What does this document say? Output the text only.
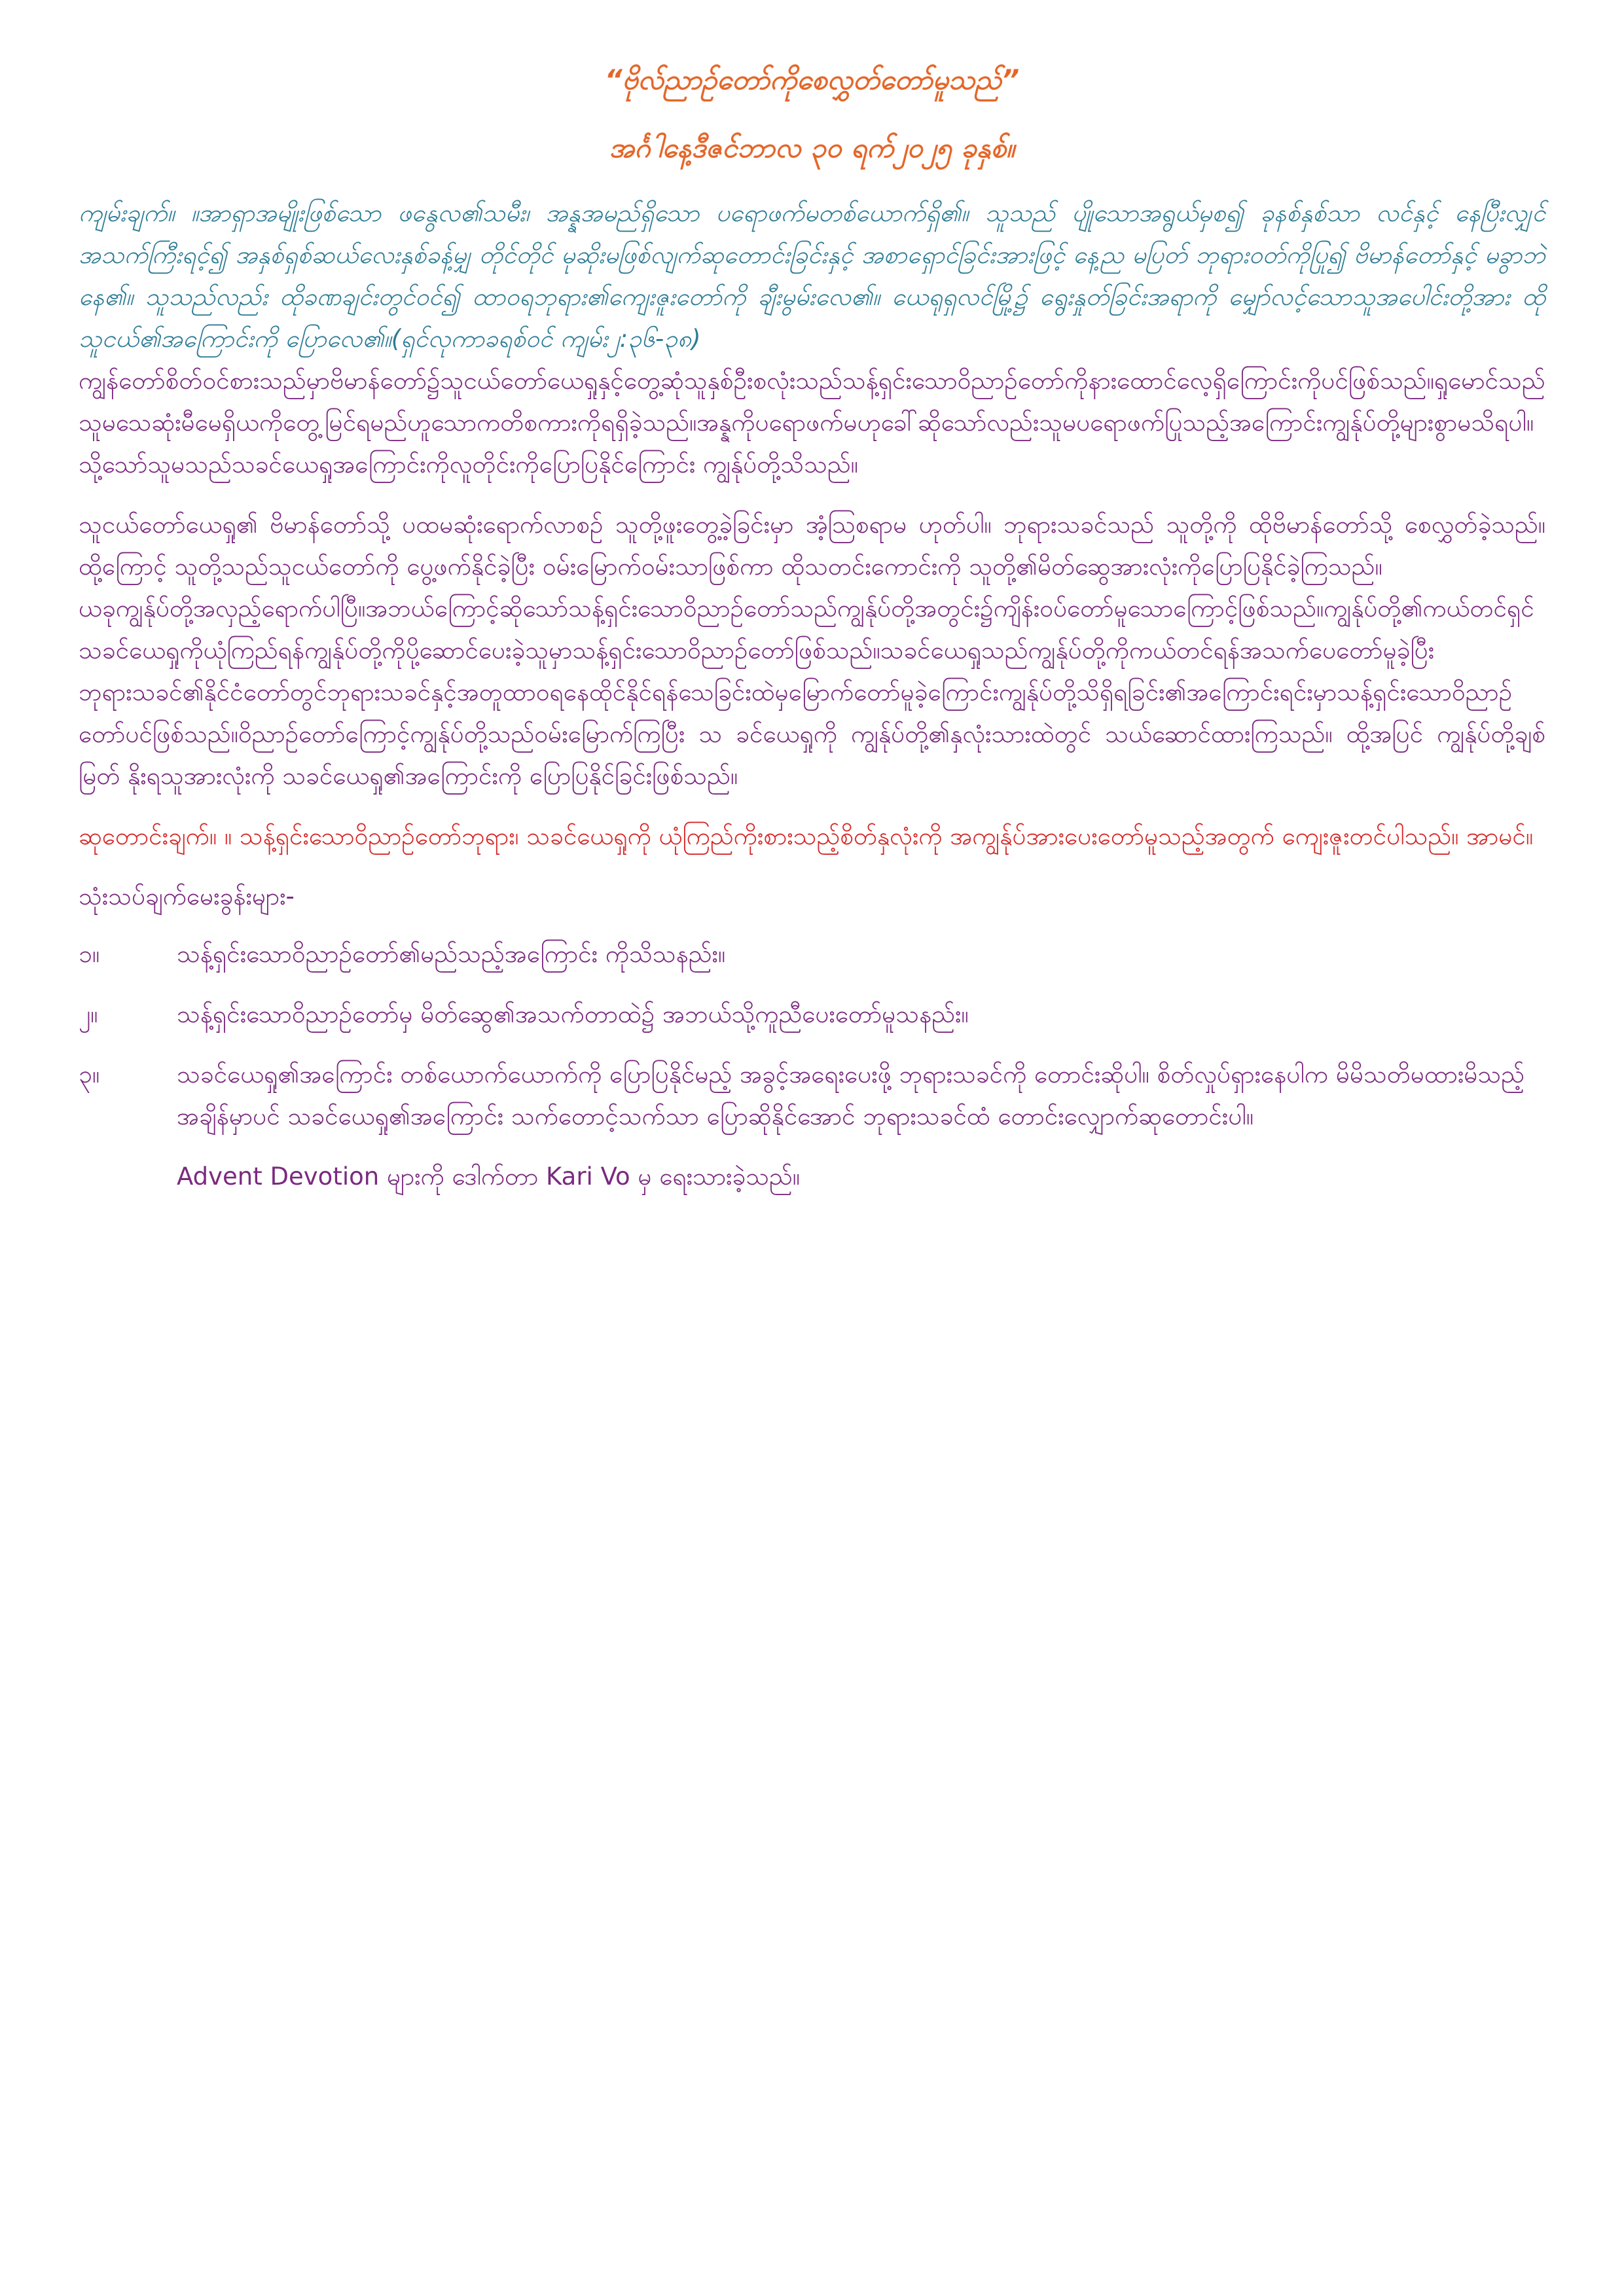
“ဗိုလ်ညာဉ်တော်ကိုစေလွှတ်တော်မူသည်”

အင်္ဂါနေ့ဒီဇင်ဘာလ ၃၀ ရက်၂၀၂၅ ခုနှစ်။

ကျမ်းချက်။ ။အာရှာအမျိုးဖြစ်သော ဖနွေလ၏သမီး၊ အန္နအမည်ရှိသော ပရောဖက်မတစ်ယောက်ရှိ၏။ သူသည် ပျိုသောအရွယ်မှစ၍ ခုနစ်နှစ်သာ လင်နှင့် နေပြီးလျှင်အသက်ကြီးရင့်၍ အနှစ်ရှစ်ဆယ်လေးနှစ်ခန့်မျှ တိုင်တိုင် မုဆိုးမဖြစ်လျက်ဆုတောင်းခြင်းနှင့် အစာရှောင်ခြင်းအားဖြင့် နေ့ည မပြတ် ဘုရားဝတ်ကိုပြု၍ ဗိမာန်တော်နှင့် မခွာဘဲနေ၏။ သူသည်လည်း ထိုခဏချင်းတွင်ဝင်၍ ထာဝရဘုရား၏ကျေးဇူးတော်ကို ချီးမွမ်းလေ၏။ ယေရုရှလင်မြို့၌ ရွေးနှုတ်ခြင်းအရာကို မျှော်လင့်သောသူအပေါင်းတို့အား ထိုသူငယ်၏အကြောင်းကို ပြောလေ၏။(ရှင်လုကာခရစ်ဝင် ကျမ်း၂:၃၆-၃၈)

ကျွန်တော်စိတ်ဝင်စားသည်မှာဗိမာန်တော်၌သူငယ်တော်ယေရှုနှင့်တွေ့ဆုံသူနှစ်ဦးစလုံးသည်သန့်ရှင်းသောဝိညာဉ်တော်ကိုနားထောင်လေ့ရှိကြောင်းကိုပင်ဖြစ်သည်။ရှုမောင်သည်သူမသေဆုံးမီမေရှိယကိုတွေ့မြင်ရမည်ဟူသောကတိစကားကိုရရှိခဲ့သည်။အန္နကိုပရောဖက်မဟုခေါ်ဆိုသော်လည်းသူမပရောဖက်ပြုသည့်အကြောင်းကျွန်ုပ်တို့များစွာမသိရပါ။သို့သော်သူမသည်သခင်ယေရှုအကြောင်းကိုလူတိုင်းကိုပြောပြနိုင်ကြောင်း ကျွန်ုပ်တို့သိသည်။

သူငယ်တော်ယေရှု၏ ဗိမာန်တော်သို့ ပထမဆုံးရောက်လာစဉ် သူတို့ဖူးတွေ့ခဲ့ခြင်းမှာ အံ့သြစရာမ ဟုတ်ပါ။ ဘုရားသခင်သည် သူတို့ကို ထိုဗိမာန်တော်သို့ စေလွှတ်ခဲ့သည်။ ထို့ကြောင့် သူတို့သည်သူငယ်တော်ကို ပွေ့ဖက်နိုင်ခဲ့ပြီး ဝမ်းမြောက်ဝမ်းသာဖြစ်ကာ ထိုသတင်းကောင်းကို သူတို့၏မိတ်ဆွေအားလုံးကိုပြောပြနိုင်ခဲ့ကြသည်။

ယခုကျွန်ုပ်တို့အလှည့်ရောက်ပါပြီ။အဘယ်ကြောင့်ဆိုသော်သန့်ရှင်းသောဝိညာဉ်တော်သည်ကျွန်ုပ်တို့အတွင်း၌ကျိန်းဝပ်တော်မူသောကြောင့်ဖြစ်သည်။ကျွန်ုပ်တို့၏ကယ်တင်ရှင်သခင်ယေရှုကိုယုံကြည်ရန်ကျွန်ုပ်တို့ကိုပို့ဆောင်ပေးခဲ့သူမှာသန့်ရှင်းသောဝိညာဉ်တော်ဖြစ်သည်။သခင်ယေရှုသည်ကျွန်ုပ်တို့ကိုကယ်တင်ရန်အသက်ပေတော်မူခဲ့ပြီးဘုရားသခင်၏နိုင်ငံတော်တွင်ဘုရားသခင်နှင့်အတူထာဝရနေထိုင်နိုင်ရန်သေခြင်းထဲမှမြောက်တော်မူခဲ့ကြောင်းကျွန်ုပ်တို့သိရှိရခြင်း၏အကြောင်းရင်းမှာသန့်ရှင်းသောဝိညာဉ်တော်ပင်ဖြစ်သည်။ဝိညာဉ်တော်ကြောင့်ကျွန်ုပ်တို့သည်ဝမ်းမြောက်ကြပြီး သ ခင်ယေရှုကို ကျွန်ုပ်တို့၏နှလုံးသားထဲတွင် သယ်ဆောင်ထားကြသည်။ ထို့အပြင် ကျွန်ုပ်တို့ချစ်မြတ် နိုးရသူအားလုံးကို သခင်ယေရှု၏အကြောင်းကို ပြောပြနိုင်ခြင်းဖြစ်သည်။

ဆုတောင်းချက်။ ။ သန့်ရှင်းသောဝိညာဉ်တော်ဘုရား၊ သခင်ယေရှုကို ယုံကြည်ကိုးစားသည့်စိတ်နှလုံးကို အကျွန်ုပ်အားပေးတော်မူသည့်အတွက် ကျေးဇူးတင်ပါသည်။ အာမင်။

သုံးသပ်ချက်မေးခွန်းများ-

၁။	သန့်ရှင်းသောဝိညာဉ်တော်၏မည်သည့်အကြောင်း ကိုသိသနည်း။
၂။	သန့်ရှင်းသောဝိညာဉ်တော်မှ မိတ်ဆွေ၏အသက်တာထဲ၌ အဘယ်သို့ကူညီပေးတော်မူသနည်း။
၃။	သခင်ယေရှု၏အကြောင်း တစ်ယောက်ယောက်ကို ပြောပြနိုင်မည့် အခွင့်အရေးပေးဖို့ ဘုရားသခင်ကို တောင်းဆိုပါ။ စိတ်လှုပ်ရှားနေပါက မိမိသတိမထားမိသည့်အချိန်မှာပင် သခင်ယေရှု၏အကြောင်း သက်တောင့်သက်သာ ပြောဆိုနိုင်အောင် ဘုရားသခင်ထံ တောင်းလျှောက်ဆုတောင်းပါ။

Advent Devotion များကို ဒေါက်တာ Kari Vo မှ ရေးသားခဲ့သည်။
